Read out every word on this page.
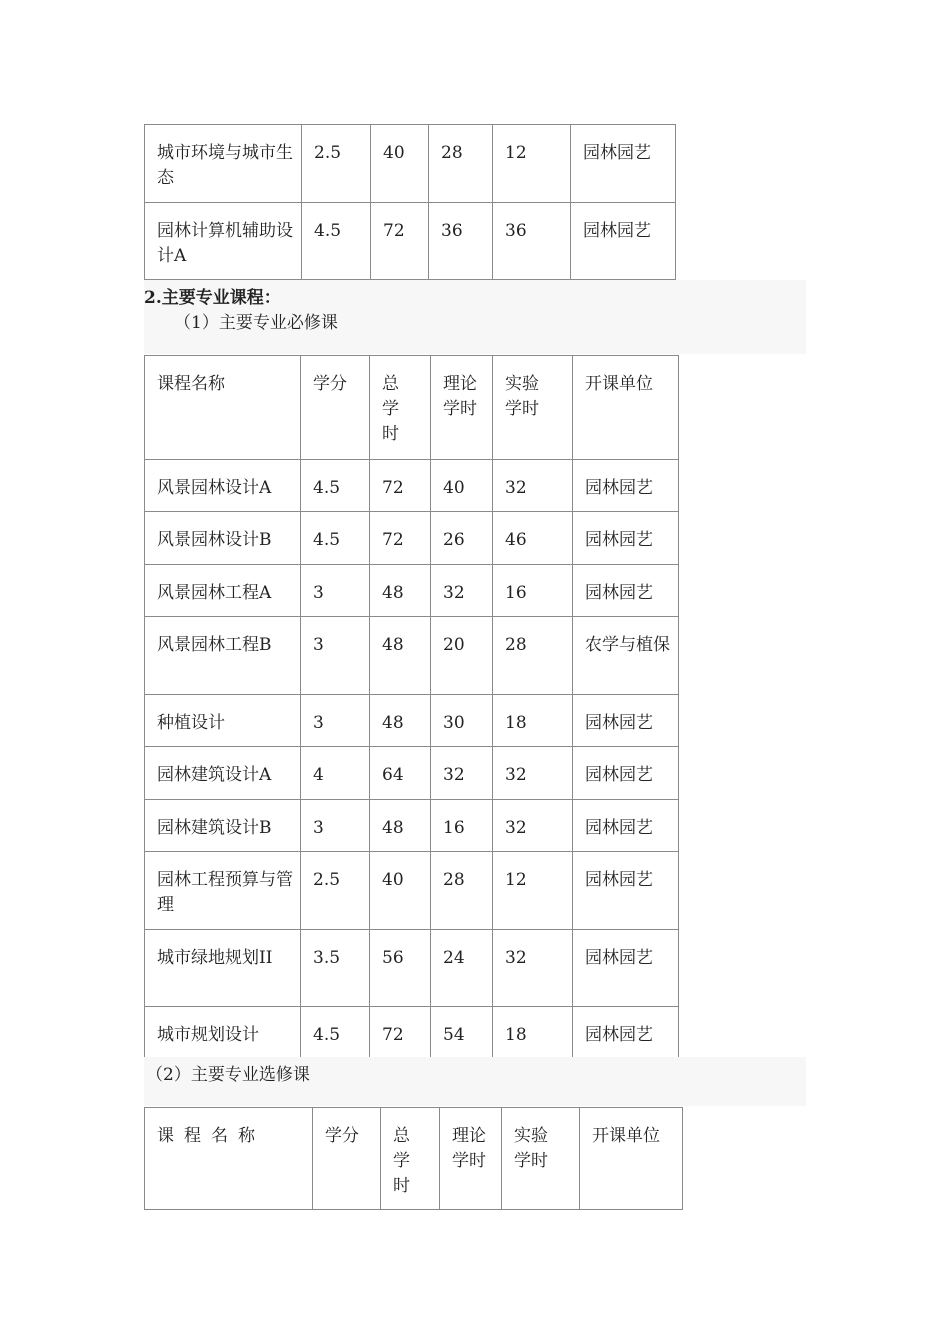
城市环境与城市生态	2.5	40	28	12	园林园艺
园林计算机辅助设计A	4.5	72	36	36	园林园艺
2.主要专业课程：
（1）主要专业必修课
课程名称	学分	总学时	理论学时	实验学时	开课单位
风景园林设计A	4.5	72	40	32	园林园艺
风景园林设计B	4.5	72	26	46	园林园艺
风景园林工程A	3	48	32	16	园林园艺
风景园林工程B	3	48	20	28	农学与植保
种植设计	3	48	30	18	园林园艺
园林建筑设计A	4	64	32	32	园林园艺
园林建筑设计B	3	48	16	32	园林园艺
园林工程预算与管理	2.5	40	28	12	园林园艺
城市绿地规划II	3.5	56	24	32	园林园艺
城市规划设计	4.5	72	54	18	园林园艺
（2）主要专业选修课
课程名称	学分	总学时	理论学时	实验学时	开课单位
